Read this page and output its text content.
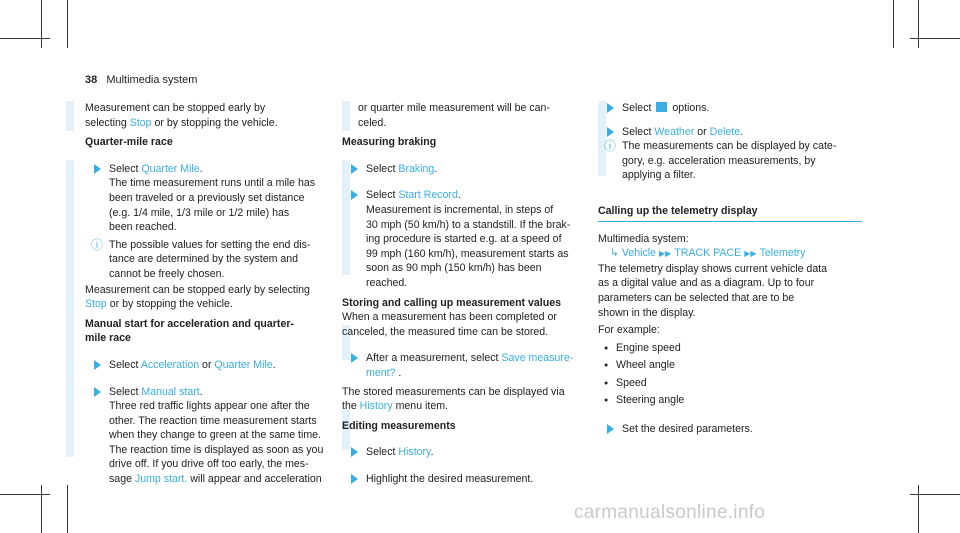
38 Multimedia system

Measurement can be stopped early by
selecting Stop or by stopping the vehicle.

Quarter-mile race

Select Quarter Mile.
The time measurement runs until a mile has
been traveled or a previously set distance
(e.g. 1/4 mile, 1/3 mile or 1/2 mile) has
been reached.

ⓘ The possible values for setting the end dis-
tance are determined by the system and
cannot be freely chosen.

Measurement can be stopped early by selecting
Stop or by stopping the vehicle.

Manual start for acceleration and quarter-
mile race

Select Acceleration or Quarter Mile.

Select Manual start.
Three red traffic lights appear one after the
other. The reaction time measurement starts
when they change to green at the same time.
The reaction time is displayed as soon as you
drive off. If you drive off too early, the mes-
sage Jump start. will appear and acceleration

or quarter mile measurement will be can-
celed.

Measuring braking

Select Braking.

Select Start Record.
Measurement is incremental, in steps of
30 mph (50 km/h) to a standstill. If the brak-
ing procedure is started e.g. at a speed of
99 mph (160 km/h), measurement starts as
soon as 90 mph (150 km/h) has been
reached.

Storing and calling up measurement values

When a measurement has been completed or
canceled, the measured time can be stored.

After a measurement, select Save measure-
ment? .

The stored measurements can be displayed via
the History menu item.

Editing measurements

Select History.

Highlight the desired measurement.

Select  options.

Select Weather or Delete.

ⓘ The measurements can be displayed by cate-
gory, e.g. acceleration measurements, by
applying a filter.

Calling up the telemetry display

Multimedia system:

↳ Vehicle ▶▶ TRACK PACE ▶▶ Telemetry

The telemetry display shows current vehicle data
as a digital value and as a diagram. Up to four
parameters can be selected that are to be
shown in the display.

For example:

● Engine speed

● Wheel angle

● Speed

● Steering angle

Set the desired parameters.

carmanualsonline.info
